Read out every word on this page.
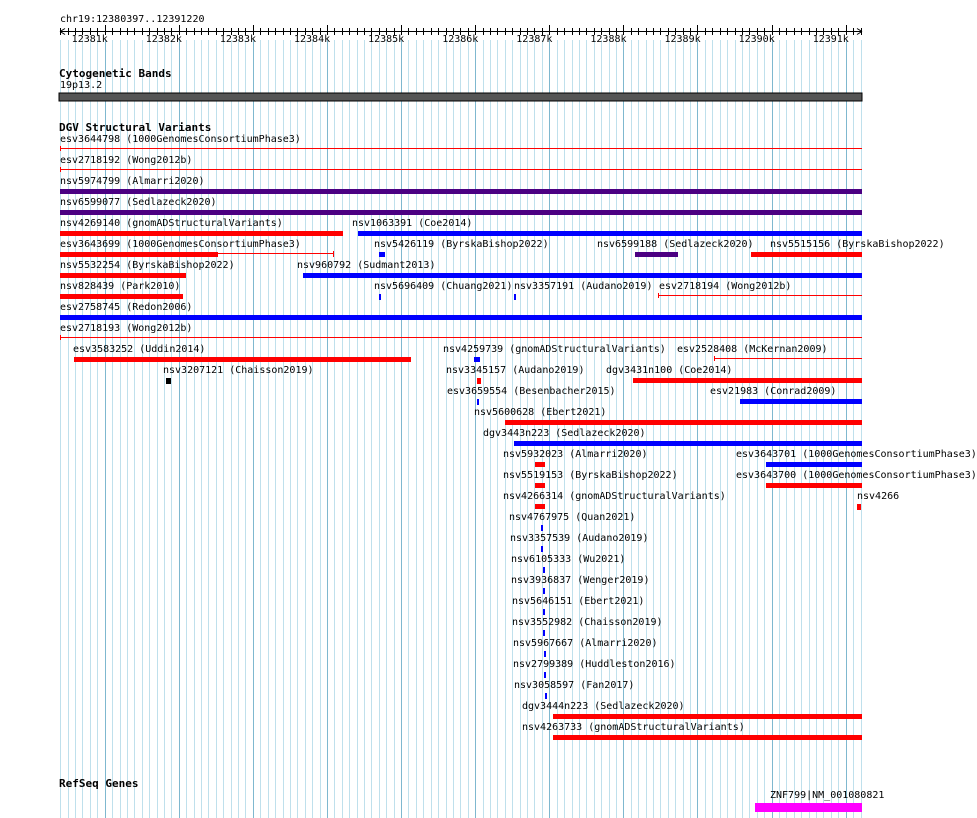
chr19:12380397..12391220
12381k	12382k	12383k	12384k	12385k	12386k	12387k	12388k	12389k	12390k	12391k
Cytogenetic Bands
19p13.2
DGV Structural Variants
esv3644798 (1000GenomesConsortiumPhase3)
esv2718192 (Wong2012b)
nsv5974799 (Almarri2020)
nsv6599077 (Sedlazeck2020)
nsv4269140 (gnomADStructuralVariants)	nsv1063391 (Coe2014)
esv3643699 (1000GenomesConsortiumPhase3)	nsv5426119 (ByrskaBishop2022)	nsv6599188 (Sedlazeck2020) nsv5515156 (ByrskaBishop2022)
nsv5532254 (ByrskaBishop2022)	nsv960792 (Sudmant2013)
nsv828439 (Park2010)	nsv5696409 (Chuang2021) nsv3357191 (Audano2019) esv2718194 (Wong2012b)
esv2758745 (Redon2006)
esv2718193 (Wong2012b)
esv3583252 (Uddin2014)	nsv4259739 (gnomADStructuralVariants) esv2528408 (McKernan2009)
nsv3207121 (Chaisson2019)	nsv3345157 (Audano2019) dgv3431n100 (Coe2014)
esv3659554 (Besenbacher2015)	esv21983 (Conrad2009)
nsv5600628 (Ebert2021)
dgv3443n223 (Sedlazeck2020)
nsv5932023 (Almarri2020)	esv3643701 (1000GenomesConsortiumPhase3)
nsv5519153 (ByrskaBishop2022)	esv3643700 (1000GenomesConsortiumPhase3)
nsv4266314 (gnomADStructuralVariants)	nsv4266
nsv4767975 (Quan2021)
nsv3357539 (Audano2019)
nsv6105333 (Wu2021)
nsv3936837 (Wenger2019)
nsv5646151 (Ebert2021)
nsv3552982 (Chaisson2019)
nsv5967667 (Almarri2020)
nsv2799389 (Huddleston2016)
nsv3058597 (Fan2017)
dgv3444n223 (Sedlazeck2020)
nsv4263733 (gnomADStructuralVariants)
RefSeq Genes
ZNF799|NM_001080821
